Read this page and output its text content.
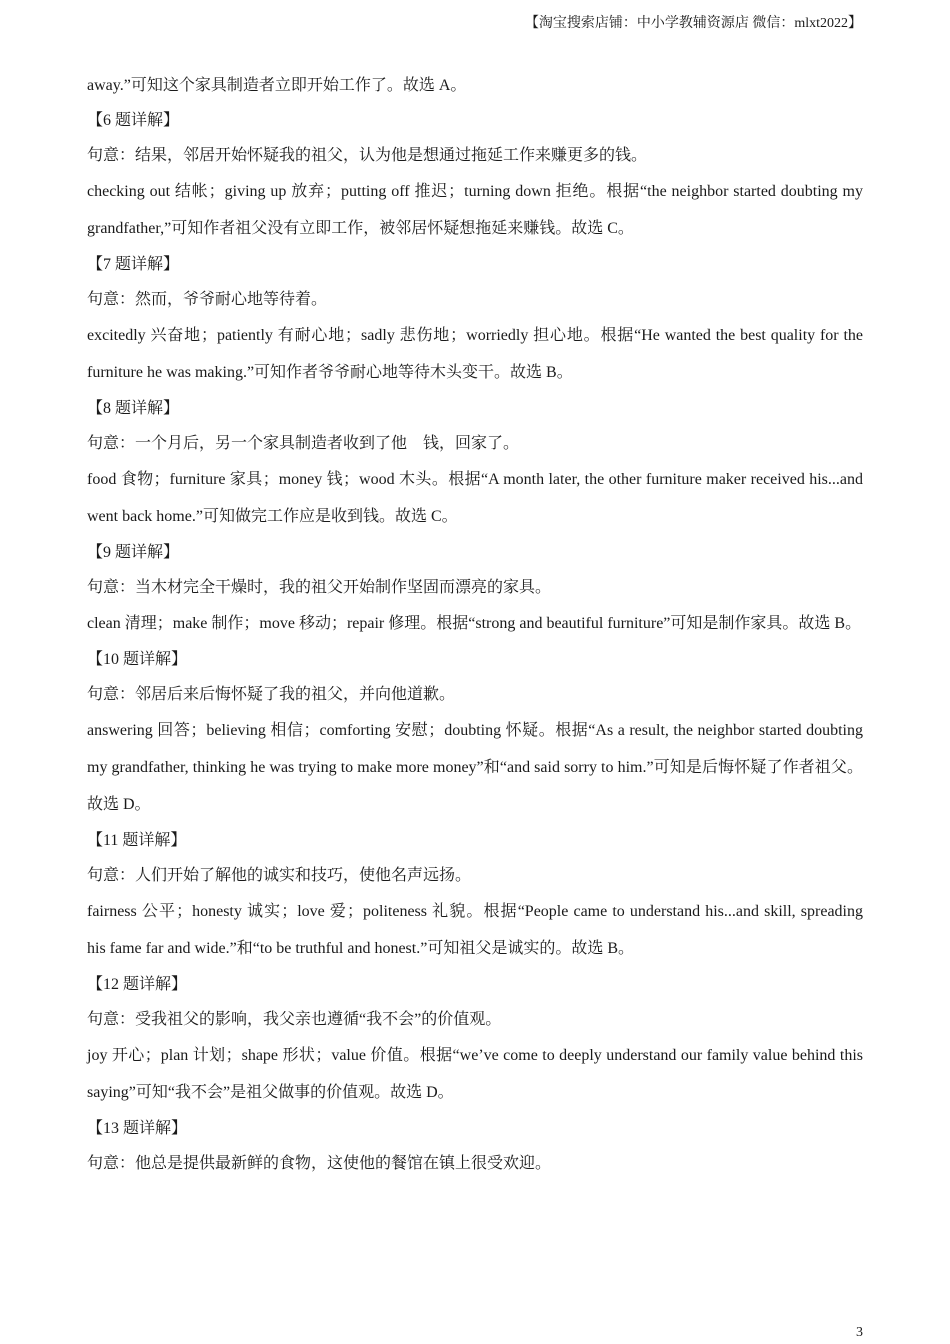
【淘宝搜索店铺：中小学教辅资源店 微信：mlxt2022】

away.”可知这个家具制造者立即开始工作了。故选 A。

【6 题详解】

句意：结果，邻居开始怀疑我的祖父，认为他是想通过拖延工作来赚更多的钱。

checking out 结帐；giving up 放弃；putting off 推迟；turning down 拒绝。根据“the neighbor started doubting my grandfather,”可知作者祖父没有立即工作，被邻居怀疑想拖延来赚钱。故选 C。

【7 题详解】

句意：然而，爷爷耐心地等待着。

excitedly 兴奋地；patiently 有耐心地；sadly 悲伤地；worriedly 担心地。根据“He wanted the best quality for the furniture he was making.”可知作者爷爷耐心地等待木头变干。故选 B。

【8 题详解】

句意：一个月后，另一个家具制造者收到了他　钱，回家了。

food 食物；furniture 家具；money 钱；wood 木头。根据“A month later, the other furniture maker received his...and went back home.”可知做完工作应是收到钱。故选 C。

【9 题详解】

句意：当木材完全干燥时，我的祖父开始制作坚固而漂亮的家具。

clean 清理；make 制作；move 移动；repair 修理。根据“strong and beautiful furniture”可知是制作家具。故选 B。

【10 题详解】

句意：邻居后来后悔怀疑了我的祖父，并向他道歉。

answering 回答；believing 相信；comforting 安慰；doubting 怀疑。根据“As a result, the neighbor started doubting my grandfather, thinking he was trying to make more money”和“and said sorry to him.”可知是后悔怀疑了作者祖父。故选 D。

【11 题详解】

句意：人们开始了解他的诚实和技巧，使他名声远扬。

fairness 公平；honesty 诚实；love 爱；politeness 礼貌。根据“People came to understand his...and skill, spreading his fame far and wide.”和“to be truthful and honest.”可知祖父是诚实的。故选 B。

【12 题详解】

句意：受我祖父的影响，我父亲也遵循“我不会”的价值观。

joy 开心；plan 计划；shape 形状；value 价值。根据“we’ve come to deeply understand our family value behind this saying”可知“我不会”是祖父做事的价值观。故选 D。

【13 题详解】

句意：他总是提供最新鲜的食物，这使他的餐馆在镇上很受欢迎。

3
